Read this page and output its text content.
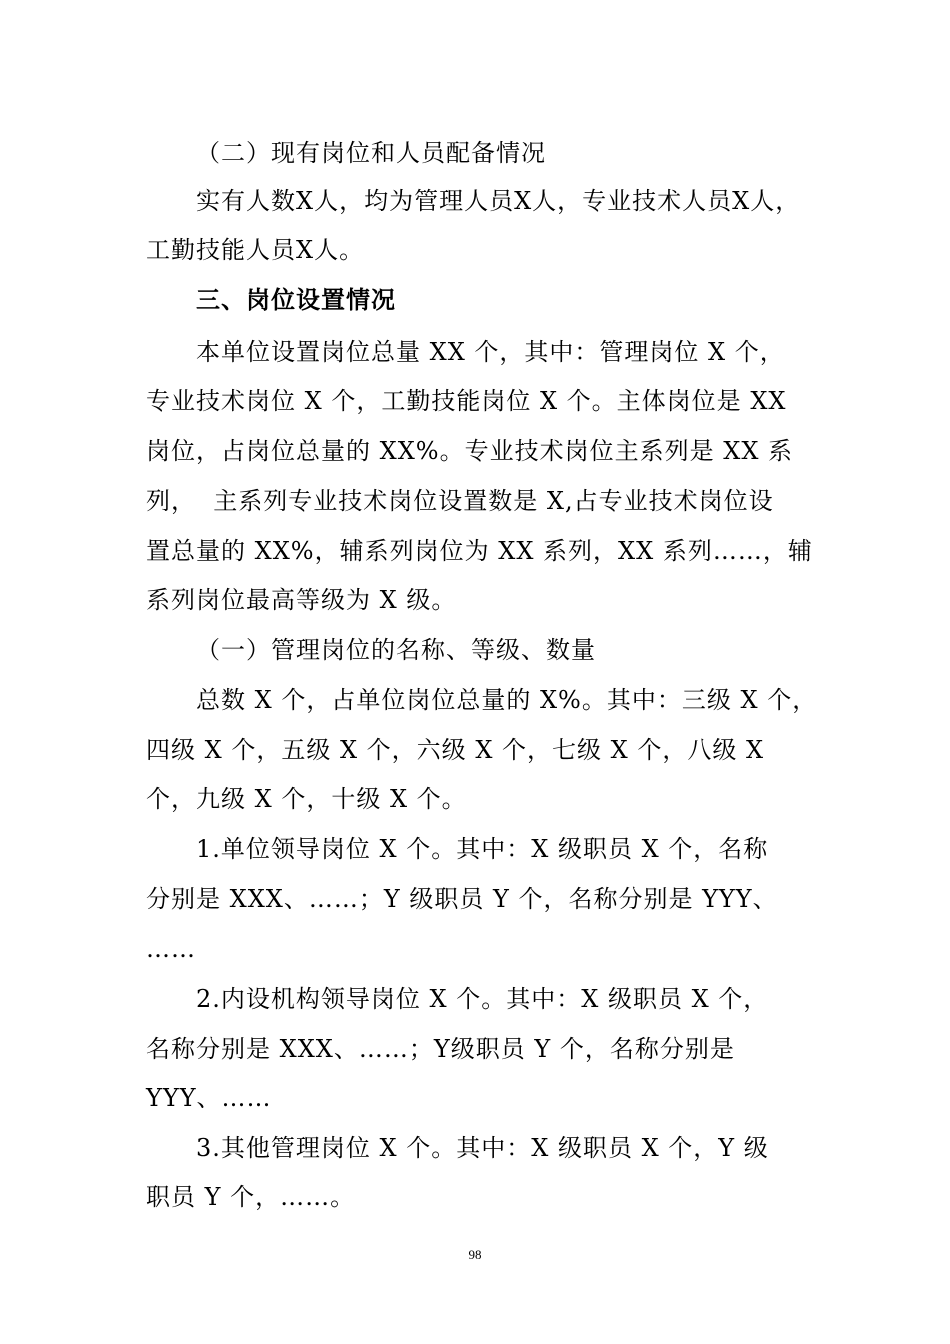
（二）现有岗位和人员配备情况
实有人数X人，均为管理人员X人，专业技术人员X人，
工勤技能人员X人。
三、岗位设置情况
本单位设置岗位总量 XX 个，其中：管理岗位 X 个，
专业技术岗位 X 个，工勤技能岗位 X 个。主体岗位是 XX
岗位，占岗位总量的 XX%。专业技术岗位主系列是 XX 系
列，  主系列专业技术岗位设置数是 X,占专业技术岗位设
置总量的 XX%，辅系列岗位为 XX 系列，XX 系列……，辅
系列岗位最高等级为 X 级。
（一）管理岗位的名称、等级、数量
总数 X 个，占单位岗位总量的 X%。其中：三级 X 个，
四级 X 个，五级 X 个，六级 X 个，七级 X 个，八级 X
个，九级 X 个，十级 X 个。
1.单位领导岗位 X 个。其中：X 级职员 X 个，名称
分别是 XXX、……；Y 级职员 Y 个，名称分别是 YYY、
……
2.内设机构领导岗位 X 个。其中：X 级职员 X 个，
名称分别是 XXX、……；Y级职员 Y 个，名称分别是
YYY、……
3.其他管理岗位 X 个。其中：X 级职员 X 个，Y 级
职员 Y 个，……。
98
